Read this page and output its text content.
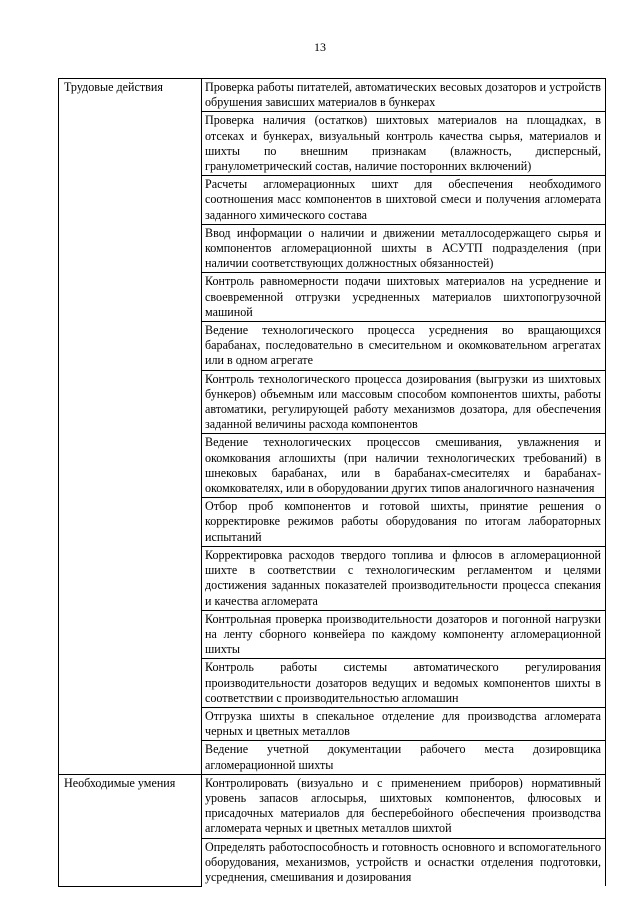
13
Трудовые действия	Проверка работы питателей, автоматических весовых дозаторов и устройств обрушения зависших материалов в бункерах
	Проверка наличия (остатков) шихтовых материалов на площадках, в отсеках и бункерах, визуальный контроль качества сырья, материалов и шихты по внешним признакам (влажность, дисперсный, гранулометрический состав, наличие посторонних включений)
	Расчеты агломерационных шихт для обеспечения необходимого соотношения масс компонентов в шихтовой смеси и получения агломерата заданного химического состава
	Ввод информации о наличии и движении металлосодержащего сырья и компонентов агломерационной шихты в АСУТП подразделения (при наличии соответствующих должностных обязанностей)
	Контроль равномерности подачи шихтовых материалов на усреднение и своевременной отгрузки усредненных материалов шихтопогрузочной машиной
	Ведение технологического процесса усреднения во вращающихся барабанах, последовательно в смесительном и окомковательном агрегатах или в одном агрегате
	Контроль технологического процесса дозирования (выгрузки из шихтовых бункеров) объемным или массовым способом компонентов шихты, работы автоматики, регулирующей работу механизмов дозатора, для обеспечения заданной величины расхода компонентов
	Ведение технологических процессов смешивания, увлажнения и окомкования аглошихты (при наличии технологических требований) в шнековых барабанах, или в барабанах-смесителях и барабанах-окомкователях, или в оборудовании других типов аналогичного назначения
	Отбор проб компонентов и готовой шихты, принятие решения о корректировке режимов работы оборудования по итогам лабораторных испытаний
	Корректировка расходов твердого топлива и флюсов в агломерационной шихте в соответствии с технологическим регламентом и целями достижения заданных показателей производительности процесса спекания и качества агломерата
	Контрольная проверка производительности дозаторов и погонной нагрузки на ленту сборного конвейера по каждому компоненту агломерационной шихты
	Контроль работы системы автоматического регулирования производительности дозаторов ведущих и ведомых компонентов шихты в соответствии с производительностью агломашин
	Отгрузка шихты в спекальное отделение для производства агломерата черных и цветных металлов
	Ведение учетной документации рабочего места дозировщика агломерационной шихты
Необходимые умения	Контролировать (визуально и с применением приборов) нормативный уровень запасов аглосырья, шихтовых компонентов, флюсовых и присадочных материалов для бесперебойного обеспечения производства агломерата черных и цветных металлов шихтой
	Определять работоспособность и готовность основного и вспомогательного оборудования, механизмов, устройств и оснастки отделения подготовки, усреднения, смешивания и дозирования
